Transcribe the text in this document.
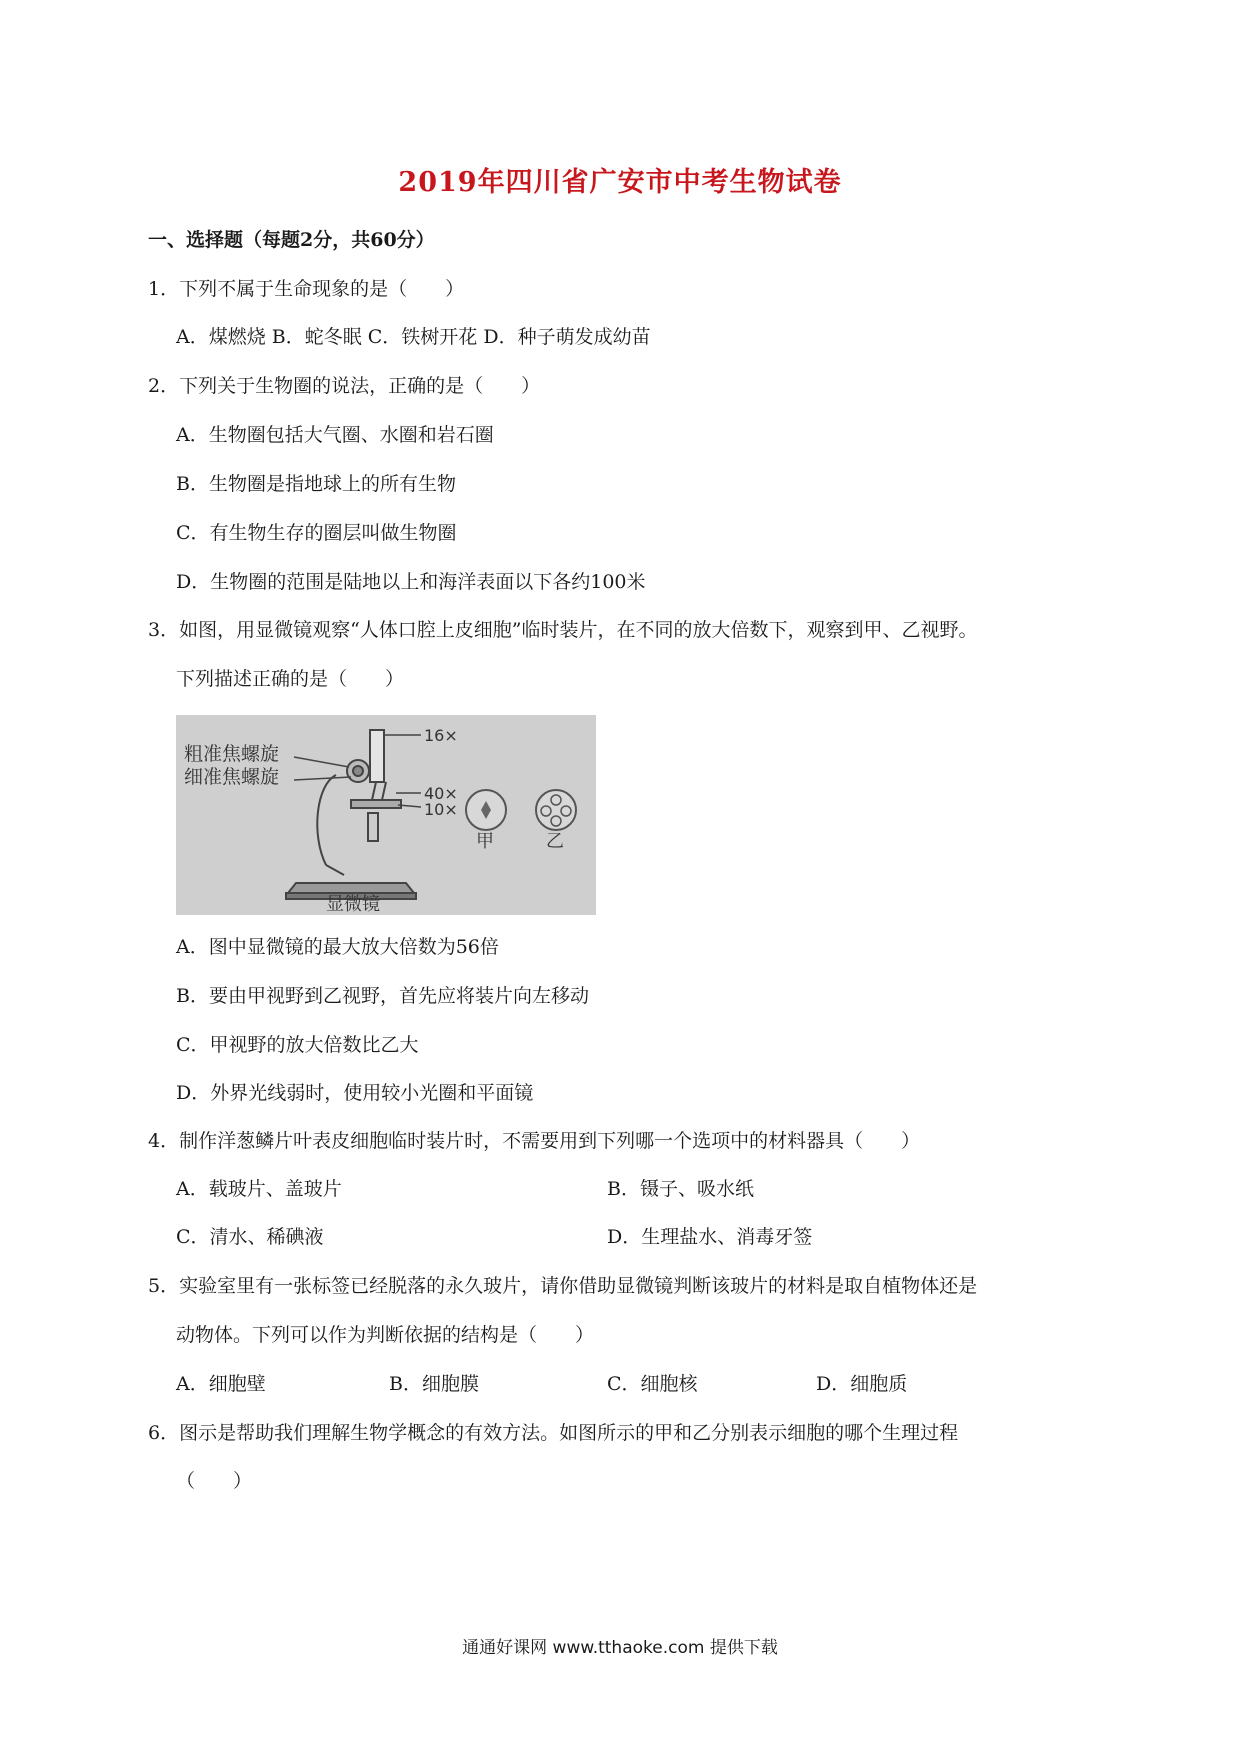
2019年四川省广安市中考生物试卷
一、选择题（每题2分，共60分）
1．下列不属于生命现象的是（　　）
A．煤燃烧 B．蛇冬眠 C．铁树开花 D．种子萌发成幼苗
2．下列关于生物圈的说法，正确的是（　　）
A．生物圈包括大气圈、水圈和岩石圈
B．生物圈是指地球上的所有生物
C．有生物生存的圈层叫做生物圈
D．生物圈的范围是陆地以上和海洋表面以下各约100米
3．如图，用显微镜观察“人体口腔上皮细胞”临时装片，在不同的放大倍数下，观察到甲、乙视野。
下列描述正确的是（　　）
粗准焦螺旋
细准焦螺旋
16×
40×
10×
显微镜
甲	乙
A．图中显微镜的最大放大倍数为56倍
B．要由甲视野到乙视野，首先应将装片向左移动
C．甲视野的放大倍数比乙大
D．外界光线弱时，使用较小光圈和平面镜
4．制作洋葱鳞片叶表皮细胞临时装片时，不需要用到下列哪一个选项中的材料器具（　　）
A．载玻片、盖玻片	B．镊子、吸水纸
C．清水、稀碘液	D．生理盐水、消毒牙签
5．实验室里有一张标签已经脱落的永久玻片，请你借助显微镜判断该玻片的材料是取自植物体还是
动物体。下列可以作为判断依据的结构是（　　）
A．细胞壁	B．细胞膜	C．细胞核	D．细胞质
6．图示是帮助我们理解生物学概念的有效方法。如图所示的甲和乙分别表示细胞的哪个生理过程
（　　）
通通好课网 www.tthaoke.com 提供下载
